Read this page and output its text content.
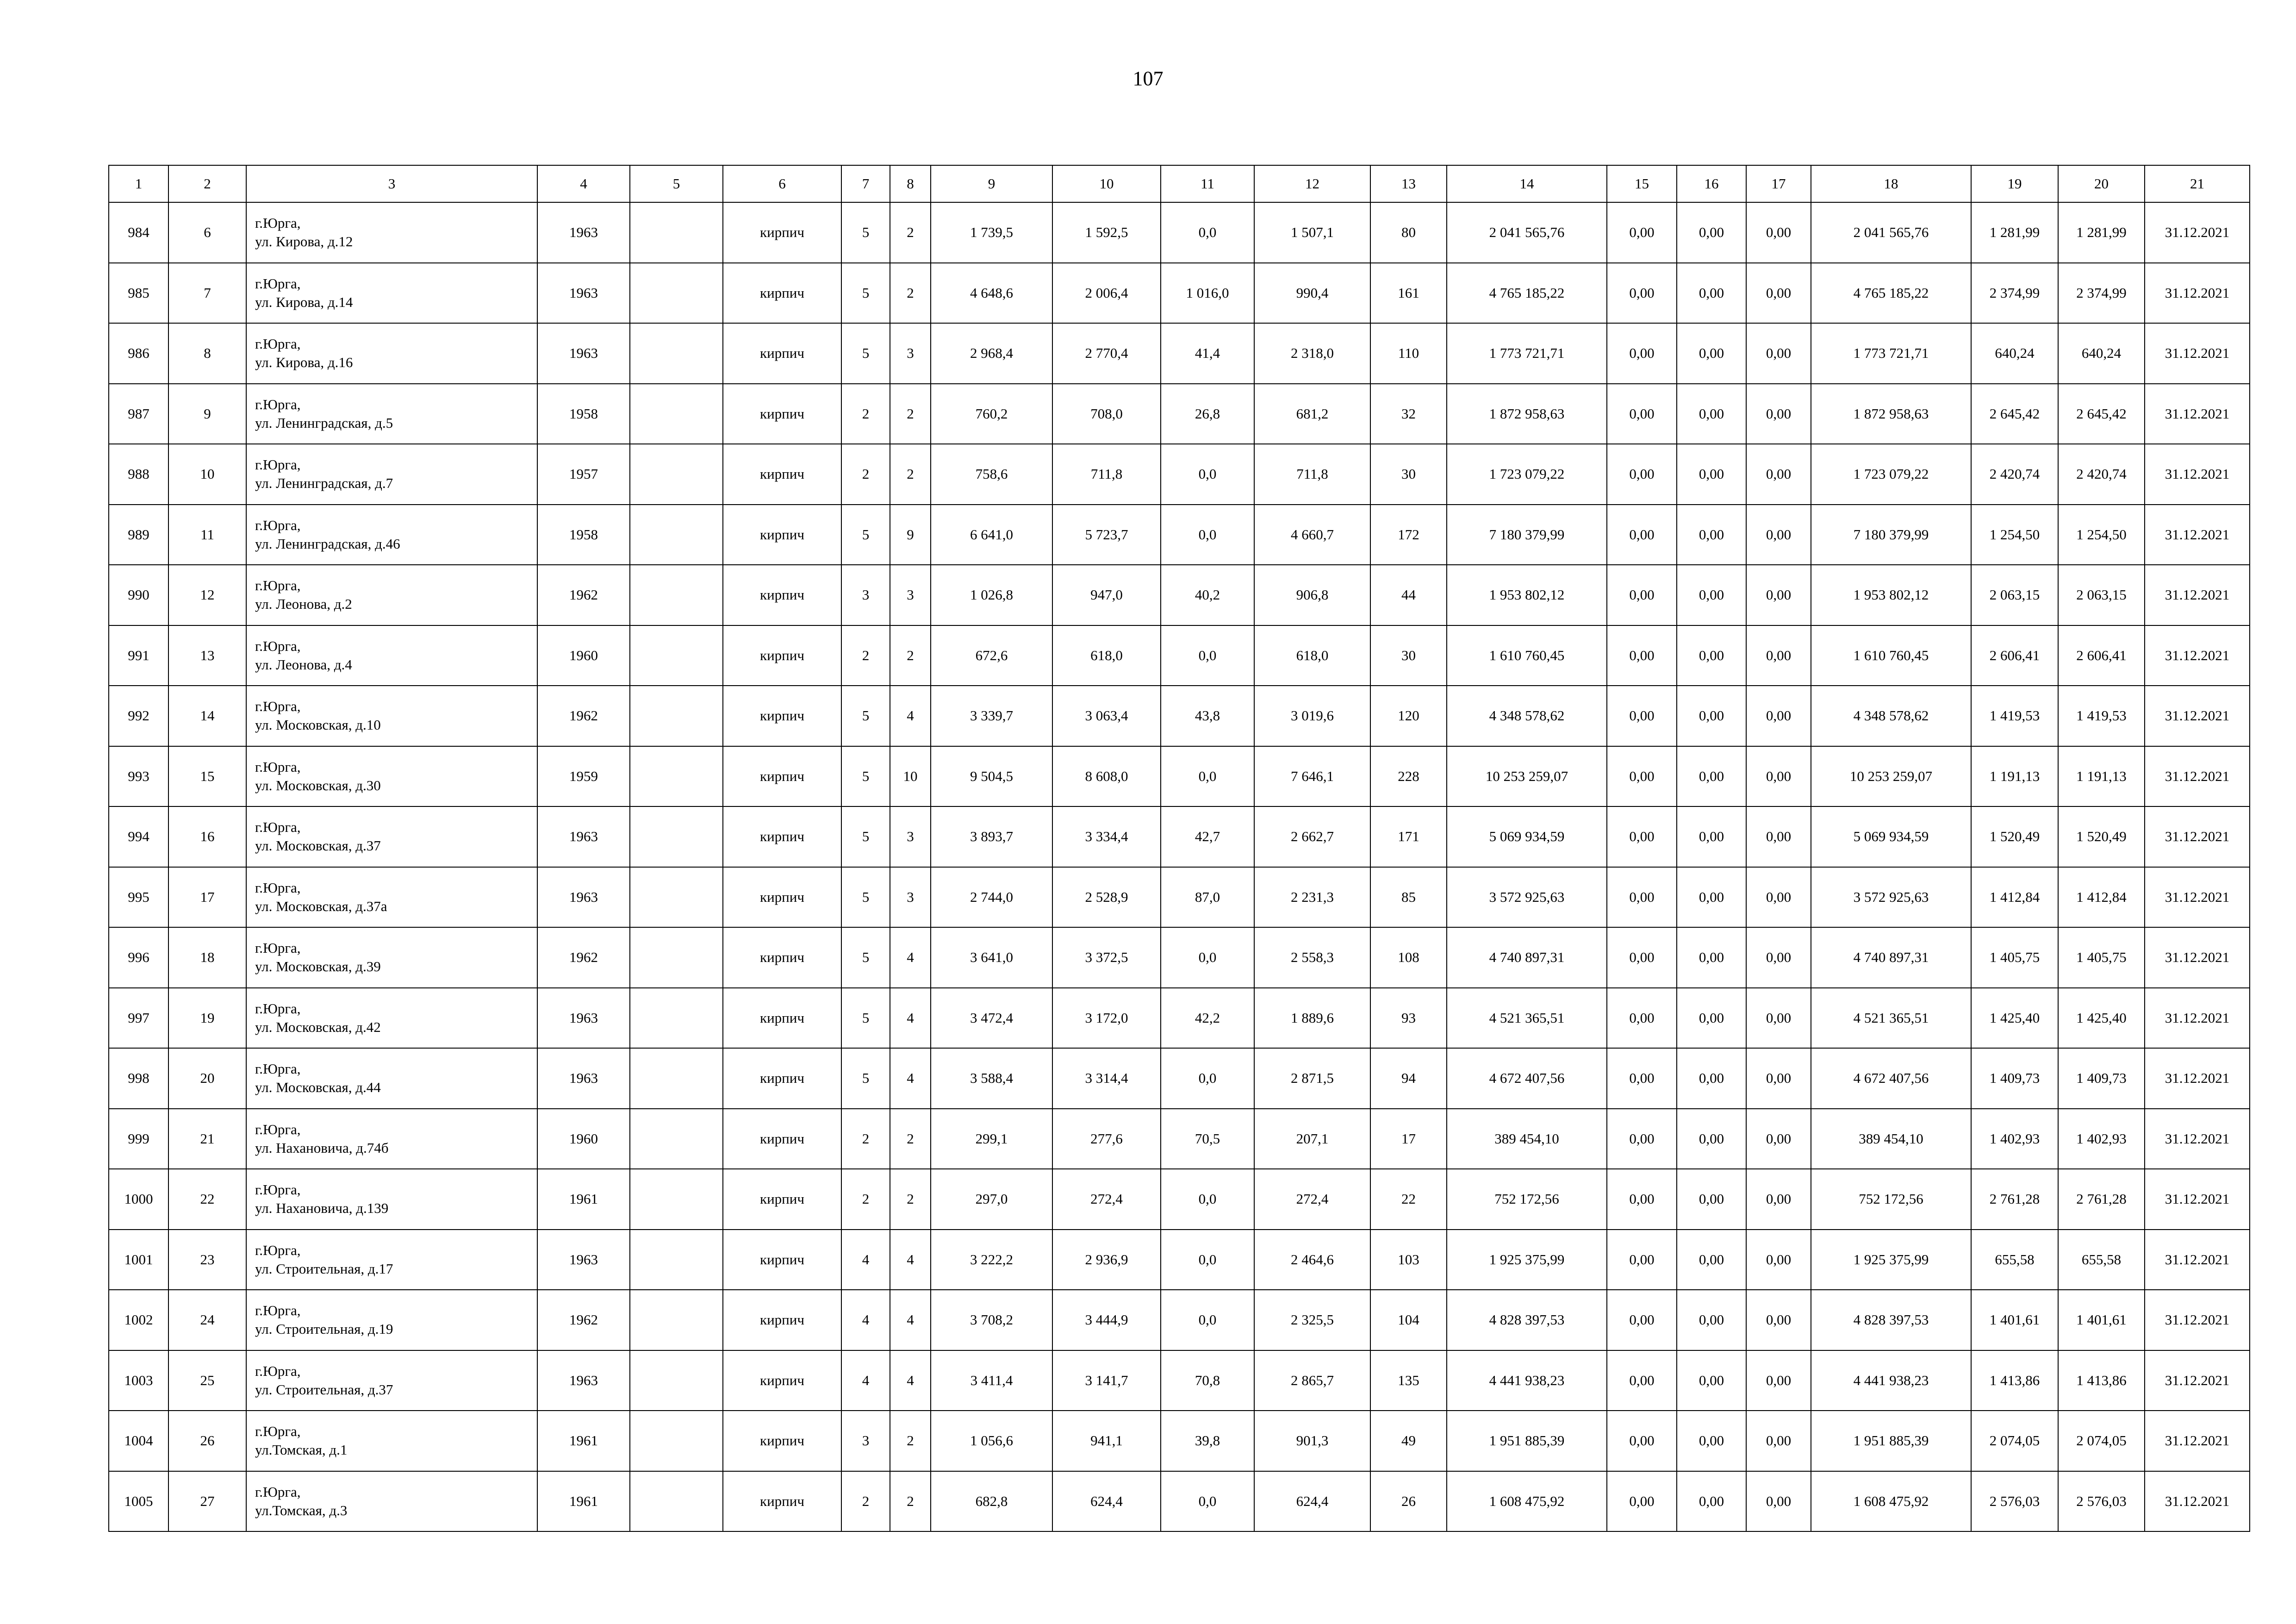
107
1	2	3	4	5	6	7	8	9	10	11	12	13	14	15	16	17	18	19	20	21
984	6	г.Юрга,
ул. Кирова, д.12	1963		кирпич	5	2	1 739,5	1 592,5	0,0	1 507,1	80	2 041 565,76	0,00	0,00	0,00	2 041 565,76	1 281,99	1 281,99	31.12.2021
985	7	г.Юрга,
ул. Кирова, д.14	1963		кирпич	5	2	4 648,6	2 006,4	1 016,0	990,4	161	4 765 185,22	0,00	0,00	0,00	4 765 185,22	2 374,99	2 374,99	31.12.2021
986	8	г.Юрга,
ул. Кирова, д.16	1963		кирпич	5	3	2 968,4	2 770,4	41,4	2 318,0	110	1 773 721,71	0,00	0,00	0,00	1 773 721,71	640,24	640,24	31.12.2021
987	9	г.Юрга,
ул. Ленинградская, д.5	1958		кирпич	2	2	760,2	708,0	26,8	681,2	32	1 872 958,63	0,00	0,00	0,00	1 872 958,63	2 645,42	2 645,42	31.12.2021
988	10	г.Юрга,
ул. Ленинградская, д.7	1957		кирпич	2	2	758,6	711,8	0,0	711,8	30	1 723 079,22	0,00	0,00	0,00	1 723 079,22	2 420,74	2 420,74	31.12.2021
989	11	г.Юрга,
ул. Ленинградская, д.46	1958		кирпич	5	9	6 641,0	5 723,7	0,0	4 660,7	172	7 180 379,99	0,00	0,00	0,00	7 180 379,99	1 254,50	1 254,50	31.12.2021
990	12	г.Юрга,
ул. Леонова, д.2	1962		кирпич	3	3	1 026,8	947,0	40,2	906,8	44	1 953 802,12	0,00	0,00	0,00	1 953 802,12	2 063,15	2 063,15	31.12.2021
991	13	г.Юрга,
ул. Леонова, д.4	1960		кирпич	2	2	672,6	618,0	0,0	618,0	30	1 610 760,45	0,00	0,00	0,00	1 610 760,45	2 606,41	2 606,41	31.12.2021
992	14	г.Юрга,
ул. Московская, д.10	1962		кирпич	5	4	3 339,7	3 063,4	43,8	3 019,6	120	4 348 578,62	0,00	0,00	0,00	4 348 578,62	1 419,53	1 419,53	31.12.2021
993	15	г.Юрга,
ул. Московская, д.30	1959		кирпич	5	10	9 504,5	8 608,0	0,0	7 646,1	228	10 253 259,07	0,00	0,00	0,00	10 253 259,07	1 191,13	1 191,13	31.12.2021
994	16	г.Юрга,
ул. Московская, д.37	1963		кирпич	5	3	3 893,7	3 334,4	42,7	2 662,7	171	5 069 934,59	0,00	0,00	0,00	5 069 934,59	1 520,49	1 520,49	31.12.2021
995	17	г.Юрга,
ул. Московская, д.37а	1963		кирпич	5	3	2 744,0	2 528,9	87,0	2 231,3	85	3 572 925,63	0,00	0,00	0,00	3 572 925,63	1 412,84	1 412,84	31.12.2021
996	18	г.Юрга,
ул. Московская, д.39	1962		кирпич	5	4	3 641,0	3 372,5	0,0	2 558,3	108	4 740 897,31	0,00	0,00	0,00	4 740 897,31	1 405,75	1 405,75	31.12.2021
997	19	г.Юрга,
ул. Московская, д.42	1963		кирпич	5	4	3 472,4	3 172,0	42,2	1 889,6	93	4 521 365,51	0,00	0,00	0,00	4 521 365,51	1 425,40	1 425,40	31.12.2021
998	20	г.Юрга,
ул. Московская, д.44	1963		кирпич	5	4	3 588,4	3 314,4	0,0	2 871,5	94	4 672 407,56	0,00	0,00	0,00	4 672 407,56	1 409,73	1 409,73	31.12.2021
999	21	г.Юрга,
ул. Нахановича, д.74б	1960		кирпич	2	2	299,1	277,6	70,5	207,1	17	389 454,10	0,00	0,00	0,00	389 454,10	1 402,93	1 402,93	31.12.2021
1000	22	г.Юрга,
ул. Нахановича, д.139	1961		кирпич	2	2	297,0	272,4	0,0	272,4	22	752 172,56	0,00	0,00	0,00	752 172,56	2 761,28	2 761,28	31.12.2021
1001	23	г.Юрга,
ул. Строительная, д.17	1963		кирпич	4	4	3 222,2	2 936,9	0,0	2 464,6	103	1 925 375,99	0,00	0,00	0,00	1 925 375,99	655,58	655,58	31.12.2021
1002	24	г.Юрга,
ул. Строительная, д.19	1962		кирпич	4	4	3 708,2	3 444,9	0,0	2 325,5	104	4 828 397,53	0,00	0,00	0,00	4 828 397,53	1 401,61	1 401,61	31.12.2021
1003	25	г.Юрга,
ул. Строительная, д.37	1963		кирпич	4	4	3 411,4	3 141,7	70,8	2 865,7	135	4 441 938,23	0,00	0,00	0,00	4 441 938,23	1 413,86	1 413,86	31.12.2021
1004	26	г.Юрга,
ул.Томская, д.1	1961		кирпич	3	2	1 056,6	941,1	39,8	901,3	49	1 951 885,39	0,00	0,00	0,00	1 951 885,39	2 074,05	2 074,05	31.12.2021
1005	27	г.Юрга,
ул.Томская, д.3	1961		кирпич	2	2	682,8	624,4	0,0	624,4	26	1 608 475,92	0,00	0,00	0,00	1 608 475,92	2 576,03	2 576,03	31.12.2021
